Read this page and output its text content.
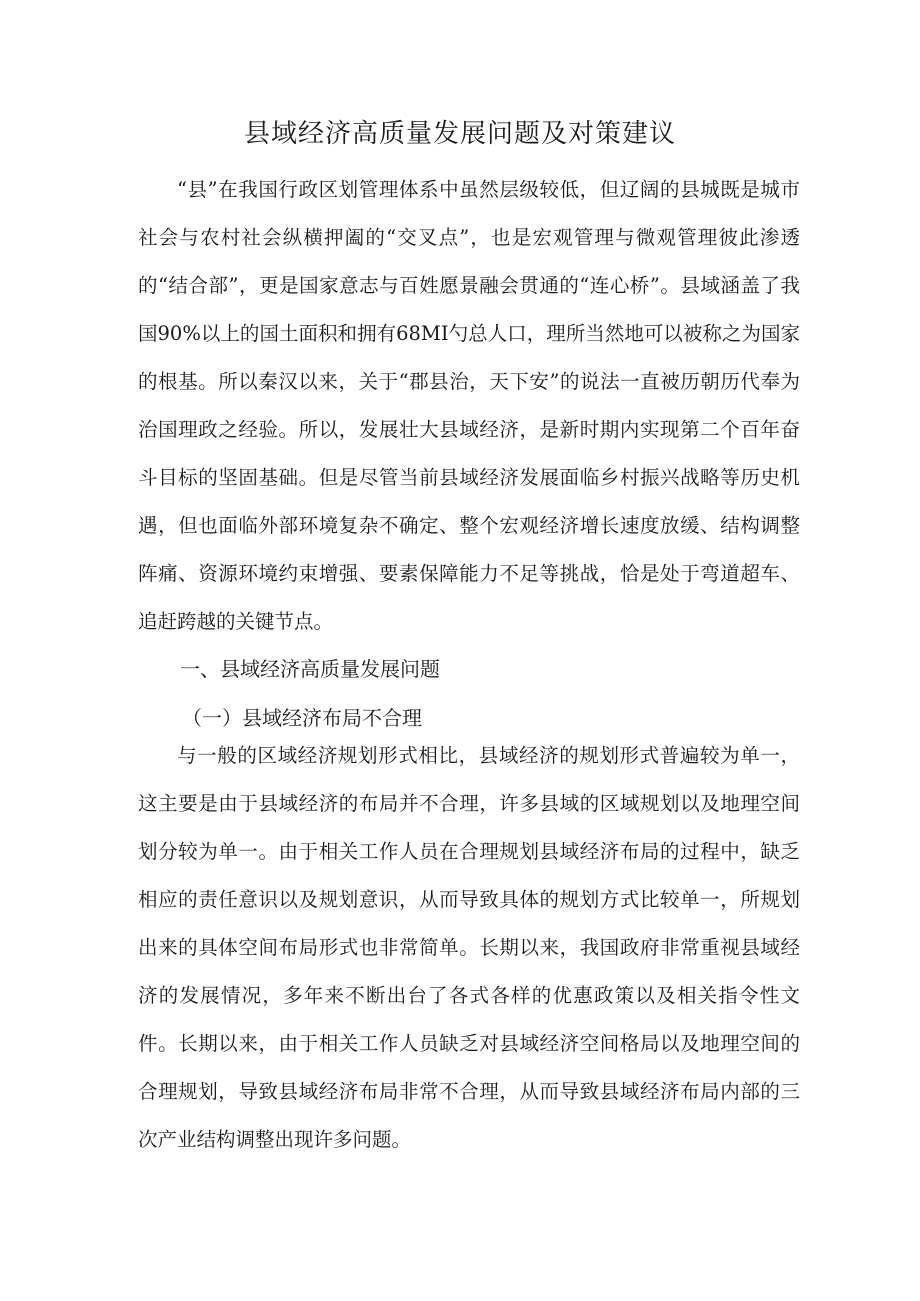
县域经济高质量发展问题及对策建议

“县”在我国行政区划管理体系中虽然层级较低，但辽阔的县城既是城市社会与农村社会纵横押阖的“交叉点”，也是宏观管理与微观管理彼此渗透的“结合部”，更是国家意志与百姓愿景融会贯通的“连心桥”。县域涵盖了我国90%以上的国土面积和拥有68MI勺总人口，理所当然地可以被称之为国家的根基。所以秦汉以来，关于“郡县治，天下安”的说法一直被历朝历代奉为治国理政之经验。所以，发展壮大县域经济，是新时期内实现第二个百年奋斗目标的坚固基础。但是尽管当前县域经济发展面临乡村振兴战略等历史机遇，但也面临外部环境复杂不确定、整个宏观经济增长速度放缓、结构调整阵痛、资源环境约束增强、要素保障能力不足等挑战，恰是处于弯道超车、追赶跨越的关键节点。

一、县域经济高质量发展问题
（一）县域经济布局不合理

与一般的区域经济规划形式相比，县域经济的规划形式普遍较为单一，这主要是由于县域经济的布局并不合理，许多县域的区域规划以及地理空间划分较为单一。由于相关工作人员在合理规划县域经济布局的过程中，缺乏相应的责任意识以及规划意识，从而导致具体的规划方式比较单一，所规划出来的具体空间布局形式也非常简单。长期以来，我国政府非常重视县域经济的发展情况，多年来不断出台了各式各样的优惠政策以及相关指令性文件。长期以来，由于相关工作人员缺乏对县域经济空间格局以及地理空间的合理规划，导致县域经济布局非常不合理，从而导致县域经济布局内部的三次产业结构调整出现许多问题。
